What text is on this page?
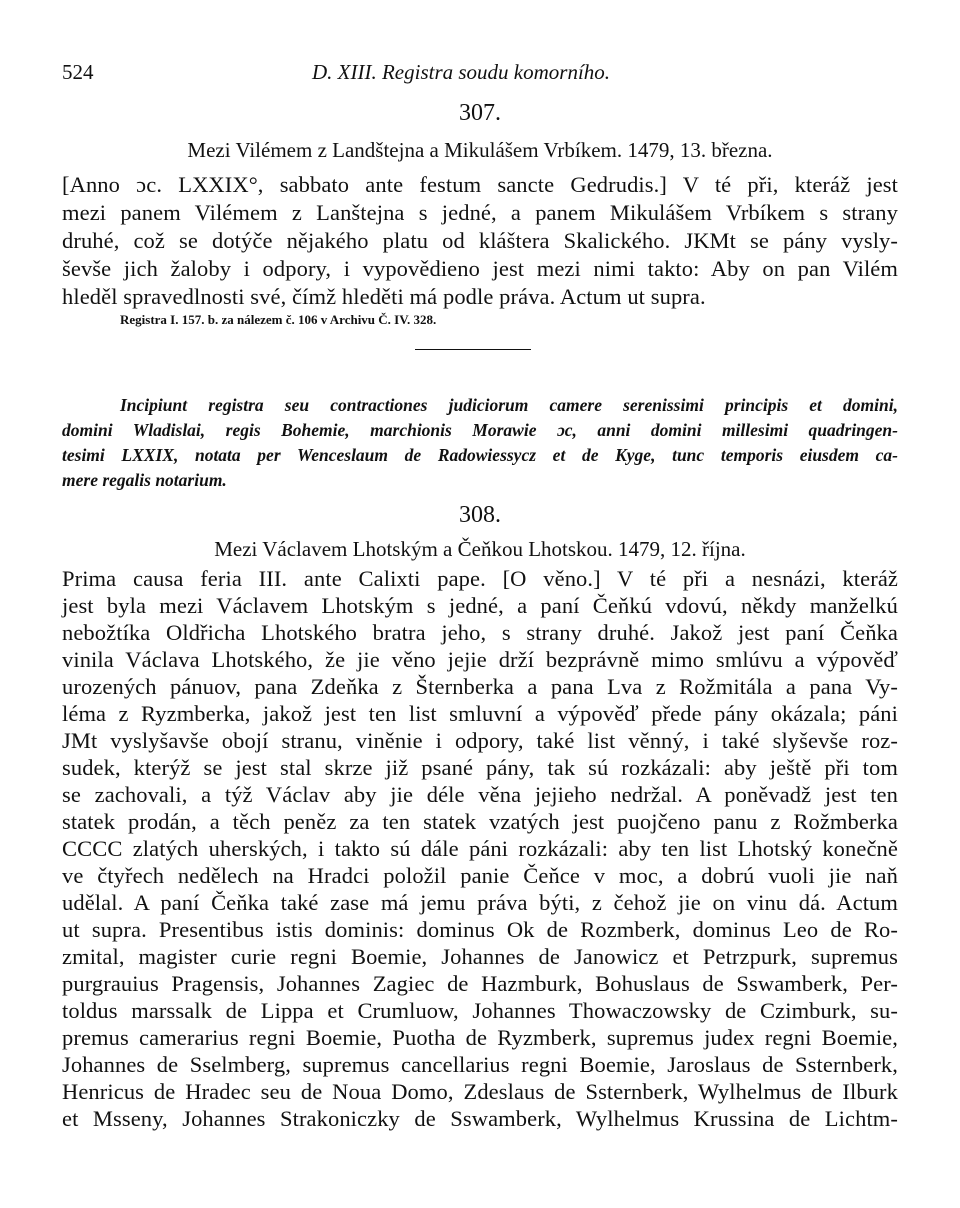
524	D. XIII. Registra soudu komorního.
307.
Mezi Vilémem z Landštejna a Mikulášem Vrbíkem. 1479, 13. března.
[Anno ɔc. LXXIX°, sabbato ante festum sancte Gedrudis.] V té při, kteráž jest
mezi panem Vilémem z Lanštejna s jedné, a panem Mikulášem Vrbíkem s strany
druhé, což se dotýče nějakého platu od kláštera Skalického. JKMt se pány vysly-
ševše jich žaloby i odpory, i vypovědieno jest mezi nimi takto: Aby on pan Vilém
hleděl spravedlnosti své, čímž hleděti má podle práva. Actum ut supra.
Registra I. 157. b. za nálezem č. 106 v Archivu Č. IV. 328.
Incipiunt registra seu contractiones judiciorum camere serenissimi principis et domini,
domini Wladislai, regis Bohemie, marchionis Morawie ɔc, anni domini millesimi quadringen-
tesimi LXXIX, notata per Wenceslaum de Radowiessycz et de Kyge, tunc temporis eiusdem ca-
mere regalis notarium.
308.
Mezi Václavem Lhotským a Čeňkou Lhotskou. 1479, 12. října.
Prima causa feria III. ante Calixti pape. [O věno.] V té při a nesnázi, kteráž
jest byla mezi Václavem Lhotským s jedné, a paní Čeňkú vdovú, někdy manželkú
nebožtíka Oldřicha Lhotského bratra jeho, s strany druhé. Jakož jest paní Čeňka
vinila Václava Lhotského, že jie věno jejie drží bezprávně mimo smlúvu a výpověď
urozených pánuov, pana Zdeňka z Šternberka a pana Lva z Rožmitála a pana Vy-
léma z Ryzmberka, jakož jest ten list smluvní a výpověď přede pány okázala; páni
JMt vyslyšavše obojí stranu, viněnie i odpory, také list věnný, i také slyševše roz-
sudek, kterýž se jest stal skrze již psané pány, tak sú rozkázali: aby ještě při tom
se zachovali, a týž Václav aby jie déle věna jejieho nedržal. A poněvadž jest ten
statek prodán, a těch peněz za ten statek vzatých jest puojčeno panu z Rožmberka
CCCC zlatých uherských, i takto sú dále páni rozkázali: aby ten list Lhotský konečně
ve čtyřech nedělech na Hradci položil panie Čeňce v moc, a dobrú vuoli jie naň
udělal. A paní Čeňka také zase má jemu práva býti, z čehož jie on vinu dá. Actum
ut supra. Presentibus istis dominis: dominus Ok de Rozmberk, dominus Leo de Ro-
zmital, magister curie regni Boemie, Johannes de Janowicz et Petrzpurk, supremus
purgrauius Pragensis, Johannes Zagiec de Hazmburk, Bohuslaus de Sswamberk, Per-
toldus marssalk de Lippa et Crumluow, Johannes Thowaczowsky de Czimburk, su-
premus camerarius regni Boemie, Puotha de Ryzmberk, supremus judex regni Boemie,
Johannes de Sselmberg, supremus cancellarius regni Boemie, Jaroslaus de Ssternberk,
Henricus de Hradec seu de Noua Domo, Zdeslaus de Ssternberk, Wylhelmus de Ilburk
et Msseny, Johannes Strakoniczky de Sswamberk, Wylhelmus Krussina de Lichtm-
